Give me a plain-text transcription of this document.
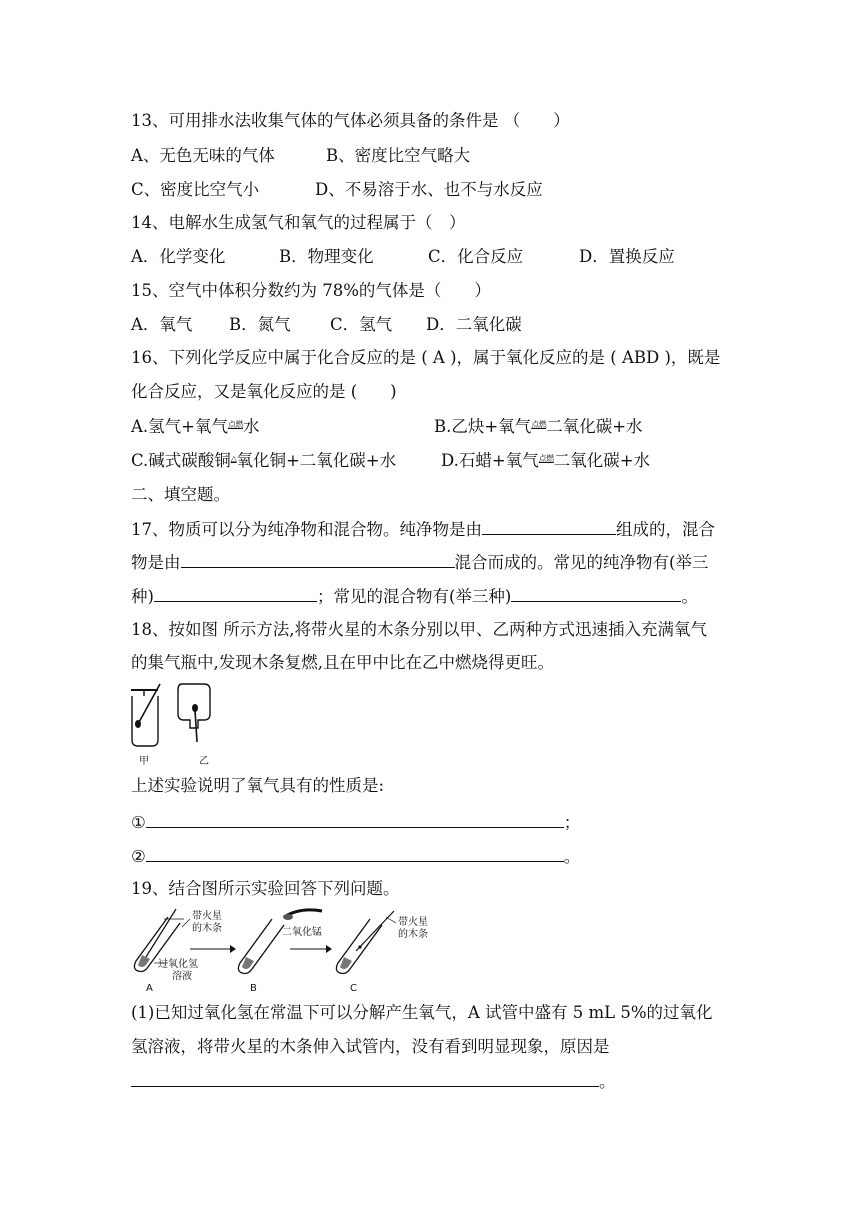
13、可用排水法收集气体的气体必须具备的条件是 （　　）
A、无色无味的气体	B、密度比空气略大
C、密度比空气小	D、不易溶于水、也不与水反应
14、电解水生成氢气和氧气的过程属于（　）
A．化学变化	B．物理变化	C．化合反应	D．置换反应
15、空气中体积分数约为 78%的气体是（　　）
A．氧气 B．氮气 C．氢气 D．二氧化碳
16、下列化学反应中属于化合反应的是 ( A )，属于氧化反应的是 ( ABD )，既是
化合反应，又是氧化反应的是 (　　)
A.氢气+氧气$^{点燃}$水	B.乙炔+氧气$^{点燃}$二氧化碳+水
C.碱式碳酸铜△氧化铜+二氧化碳+水	D.石蜡+氧气$^{点燃}$二氧化碳+水
二、填空题。
17、物质可以分为纯净物和混合物。纯净物是由	组成的，混合
物是由	混合而成的。常见的纯净物有(举三
种)	；常见的混合物有(举三种)	。
18、按如图 所示方法,将带火星的木条分别以甲、乙两种方式迅速插入充满氧气
的集气瓶中,发现木条复燃,且在甲中比在乙中燃烧得更旺。
甲	乙
上述实验说明了氧气具有的性质是:
①	；
②	。
19、结合图所示实验回答下列问题。
带火星
的木条
过氧化氢
溶液
A
二氧化锰
B
带火星
的木条
C
(1)已知过氧化氢在常温下可以分解产生氧气，A 试管中盛有 5 mL 5%的过氧化
氢溶液，将带火星的木条伸入试管内，没有看到明显现象，原因是
。
